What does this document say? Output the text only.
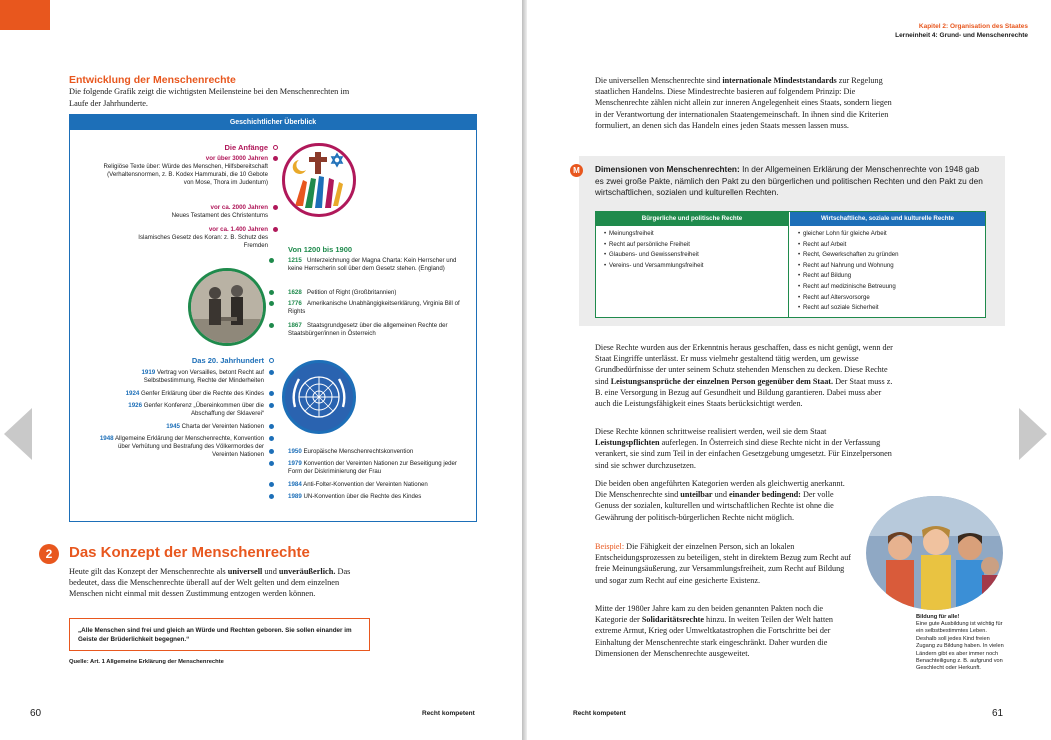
Entwicklung der Menschenrechte
Die folgende Grafik zeigt die wichtigsten Meilensteine bei den Menschenrechten im Laufe der Jahrhunderte.
Geschichtlicher Überblick
Die Anfänge
vor über 3000 Jahren
Religiöse Texte über: Würde des Menschen, Hilfsbereitschaft (Verhaltensnormen, z. B. Kodex Hammurabi, die 10 Gebote von Mose, Thora im Judentum)
vor ca. 2000 Jahren
Neues Testament des Christentums
vor ca. 1.400 Jahren
Islamisches Gesetz des Koran: z. B. Schutz des Fremden	Von 1200 bis 1900
1215 Unterzeichnung der Magna Charta: Kein Herrscher und keine Herrscherin soll über dem Gesetz stehen. (England)
1628 Petition of Right (Großbritannien)
1776 Amerikanische Unabhängigkeitserklärung, Virginia Bill of Rights
1867 Staatsgrundgesetz über die allgemeinen Rechte der Staatsbürger/innen in Österreich
Das 20. Jahrhundert
1919 Vertrag von Versailles, betont Recht auf Selbstbestimmung, Rechte der Minderheiten
1924 Genfer Erklärung über die Rechte des Kindes
1926 Genfer Konferenz „Übereinkommen über die Abschaffung der Sklaverei“
1945 Charta der Vereinten Nationen
1948 Allgemeine Erklärung der Menschenrechte, Konvention über Verhütung und Bestrafung des Völkermordes der Vereinten Nationen	1950 Europäische Menschenrechtskonvention
1979 Konvention der Vereinten Nationen zur Beseitigung jeder Form der Diskriminierung der Frau
1984 Anti-Folter-Konvention der Vereinten Nationen
1989 UN-Konvention über die Rechte des Kindes
2	Das Konzept der Menschenrechte
Heute gilt das Konzept der Menschenrechte als universell und unveräußerlich. Das bedeutet, dass die Menschenrechte überall auf der Welt gelten und dem einzelnen Menschen nicht einmal mit dessen Zustimmung entzogen werden können.
„Alle Menschen sind frei und gleich an Würde und Rechten geboren. Sie sollen einander im Geiste der Brüderlichkeit begegnen.“
Quelle: Art. 1 Allgemeine Erklärung der Menschenrechte
60	Recht kompetent
Kapitel 2: Organisation des Staates
Lerneinheit 4: Grund- und Menschenrechte
Die universellen Menschenrechte sind internationale Mindeststandards zur Regelung staatlichen Handelns. Diese Mindestrechte basieren auf folgendem Prinzip: Die Menschenrechte zählen nicht allein zur inneren Angelegenheit eines Staats, sondern liegen in der Verantwortung der internationalen Staatengemeinschaft. In ihnen sind die Kriterien formuliert, an denen sich das Handeln eines jeden Staats messen lassen muss.
M	Dimensionen von Menschenrechten: In der Allgemeinen Erklärung der Menschenrechte von 1948 gab es zwei große Pakte, nämlich den Pakt zu den bürgerlichen und politischen Rechten und den Pakt zu den wirtschaftlichen, sozialen und kulturellen Rechten.
Bürgerliche und politische Rechte
• Meinungsfreiheit
• Recht auf persönliche Freiheit
• Glaubens- und Gewissensfreiheit
• Vereins- und Versammlungsfreiheit
Wirtschaftliche, soziale und kulturelle Rechte
• gleicher Lohn für gleiche Arbeit
• Recht auf Arbeit
• Recht, Gewerkschaften zu gründen
• Recht auf Nahrung und Wohnung
• Recht auf Bildung
• Recht auf medizinische Betreuung
• Recht auf Altersvorsorge
• Recht auf soziale Sicherheit
Diese Rechte wurden aus der Erkenntnis heraus geschaffen, dass es nicht genügt, wenn der Staat Eingriffe unterlässt. Er muss vielmehr gestaltend tätig werden, um gewisse Grundbedürfnisse der unter seinem Schutz stehenden Menschen zu decken. Diese Rechte sind Leistungsansprüche der einzelnen Person gegenüber dem Staat. Der Staat muss z. B. eine Versorgung in Bezug auf Gesundheit und Bildung garantieren. Dabei muss aber auch die Leistungsfähigkeit eines Staats berücksichtigt werden.
Diese Rechte können schrittweise realisiert werden, weil sie dem Staat Leistungspflichten auferlegen. In Österreich sind diese Rechte nicht in der Verfassung verankert, sie sind zum Teil in der einfachen Gesetzgebung umgesetzt. Für Einzelpersonen sind sie schwer durchzusetzen.
Die beiden oben angeführten Kategorien werden als gleichwertig anerkannt. Die Menschenrechte sind unteilbar und einander bedingend: Der volle Genuss der sozialen, kulturellen und wirtschaftlichen Rechte ist ohne die Gewährung der politisch-bürgerlichen Rechte nicht möglich.
Beispiel: Die Fähigkeit der einzelnen Person, sich an lokalen Entscheidungsprozessen zu beteiligen, steht in direktem Bezug zum Recht auf freie Meinungsäußerung, zur Versammlungsfreiheit, zum Recht auf Bildung und sogar zum Recht auf eine gesicherte Existenz.
Mitte der 1980er Jahre kam zu den beiden genannten Pakten noch die Kategorie der Solidaritätsrechte hinzu. In weiten Teilen der Welt hatten extreme Armut, Krieg oder Umweltkatastrophen die Fortschritte bei der Einhaltung der Menschenrechte stark eingeschränkt. Daher wurden die Dimensionen der Menschenrechte ausgeweitet.
Bildung für alle!
Eine gute Ausbildung ist wichtig für ein selbstbestimmtes Leben. Deshalb soll jedes Kind freien Zugang zu Bildung haben. In vielen Ländern gibt es aber immer noch Benachteiligung z. B. aufgrund von Geschlecht oder Herkunft.
Recht kompetent	61
